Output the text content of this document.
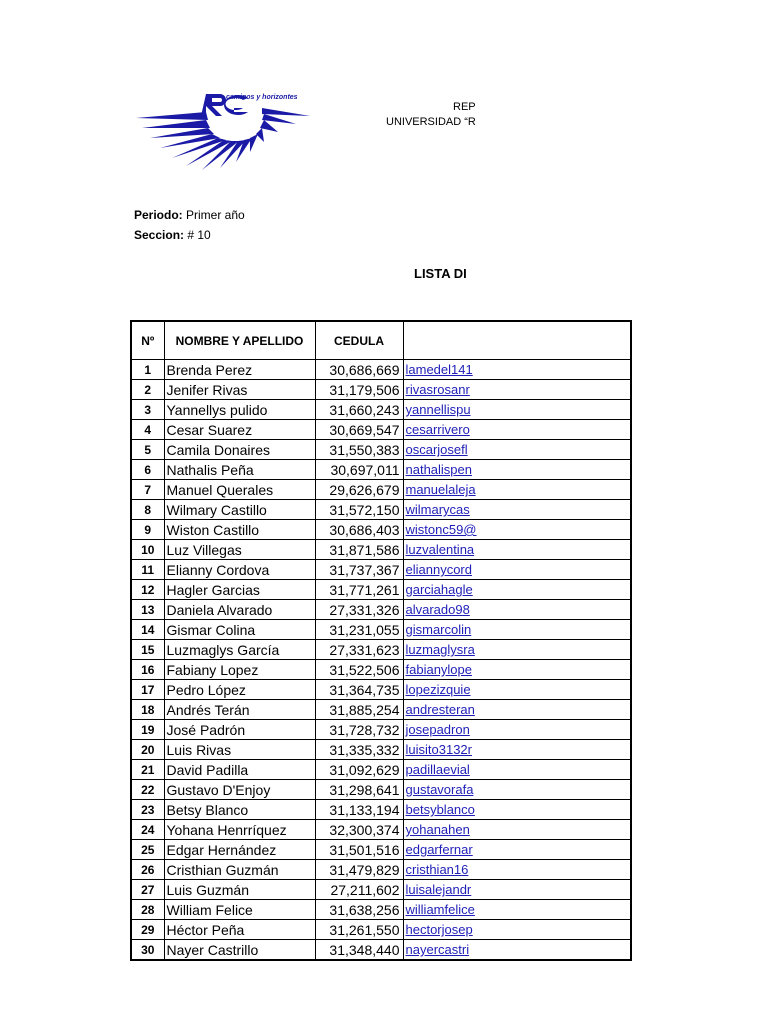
caminos y horizontes
REP
UNIVERSIDAD “R
Periodo: Primer año
Seccion: # 10
LISTA DI
Nº	NOMBRE Y APELLIDO	CEDULA	
1	Brenda Perez	30,686,669	lamedel141
2	Jenifer Rivas	31,179,506	rivasrosanr
3	Yannellys pulido	31,660,243	yannellispu
4	Cesar Suarez	30,669,547	cesarrivero
5	Camila Donaires	31,550,383	oscarjosefl
6	Nathalis Peña	30,697,011	nathalispen
7	Manuel Querales	29,626,679	manuelaleja
8	Wilmary Castillo	31,572,150	wilmarycas
9	Wiston Castillo	30,686,403	wistonc59@
10	Luz Villegas	31,871,586	luzvalentina
11	Elianny Cordova	31,737,367	eliannycord
12	Hagler Garcias	31,771,261	garciahagle
13	Daniela Alvarado	27,331,326	alvarado98
14	Gismar Colina	31,231,055	gismarcolin
15	Luzmaglys García	27,331,623	luzmaglysra
16	Fabiany Lopez	31,522,506	fabianylope
17	Pedro López	31,364,735	lopezizquie
18	Andrés Terán	31,885,254	andresteran
19	José Padrón	31,728,732	josepadron
20	Luis Rivas	31,335,332	luisito3132r
21	David Padilla	31,092,629	padillaevial
22	Gustavo D'Enjoy	31,298,641	gustavorafa
23	Betsy Blanco	31,133,194	betsyblanco
24	Yohana Henrríquez	32,300,374	yohanahen
25	Edgar Hernández	31,501,516	edgarfernar
26	Cristhian Guzmán	31,479,829	cristhian16
27	Luis Guzmán	27,211,602	luisalejandr
28	William Felice	31,638,256	williamfelice
29	Héctor Peña	31,261,550	hectorjosep
30	Nayer Castrillo	31,348,440	nayercastri
